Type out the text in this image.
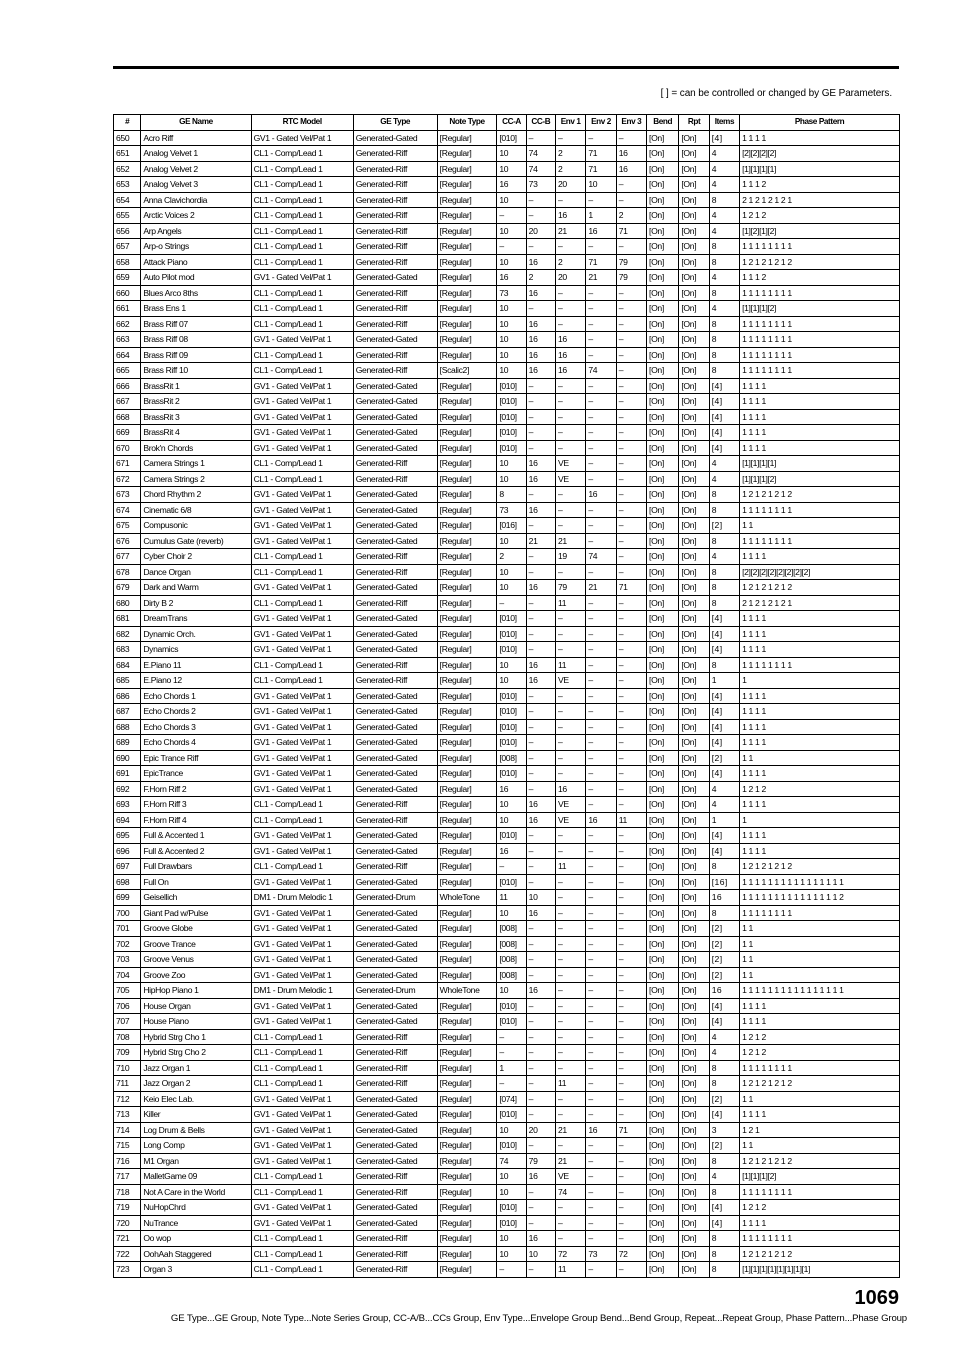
[ ] = can be controlled or changed by GE Parameters.
#	GE Name	RTC Model	GE Type	Note Type	CC-A	CC-B	Env 1	Env 2	Env 3	Bend	Rpt	Items	Phase Pattern
650	Acro Riff	GV1 - Gated Vel/Pat 1	Generated-Gated	[Regular]	[010]	–	–	–	–	[On]	[On]	[4]	1 1 1 1
651	Analog Velvet 1	CL1 - Comp/Lead 1	Generated-Riff	[Regular]	10	74	2	71	16	[On]	[On]	4	[2][2][2][2]
652	Analog Velvet 2	CL1 - Comp/Lead 1	Generated-Riff	[Regular]	10	74	2	71	16	[On]	[On]	4	[1][1][1][1]
653	Analog Velvet 3	CL1 - Comp/Lead 1	Generated-Riff	[Regular]	16	73	20	10	–	[On]	[On]	4	1 1 1 2
654	Anna Clavichordia	CL1 - Comp/Lead 1	Generated-Riff	[Regular]	10	–	–	–	–	[On]	[On]	8	2 1 2 1 2 1 2 1
655	Arctic Voices 2	CL1 - Comp/Lead 1	Generated-Riff	[Regular]	–	–	16	1	2	[On]	[On]	4	1 2 1 2
656	Arp Angels	CL1 - Comp/Lead 1	Generated-Riff	[Regular]	10	20	21	16	71	[On]	[On]	4	[1][2][1][2]
657	Arp-o Strings	CL1 - Comp/Lead 1	Generated-Riff	[Regular]	–	–	–	–	–	[On]	[On]	8	1 1 1 1 1 1 1 1
658	Attack Piano	CL1 - Comp/Lead 1	Generated-Riff	[Regular]	10	16	2	71	79	[On]	[On]	8	1 2 1 2 1 2 1 2
659	Auto Pilot mod	GV1 - Gated Vel/Pat 1	Generated-Gated	[Regular]	16	2	20	21	79	[On]	[On]	4	1 1 1 2
660	Blues Arco 8ths	CL1 - Comp/Lead 1	Generated-Riff	[Regular]	73	16	–	–	–	[On]	[On]	8	1 1 1 1 1 1 1 1
661	Brass Ens 1	CL1 - Comp/Lead 1	Generated-Riff	[Regular]	10	–	–	–	–	[On]	[On]	4	[1][1][1][2]
662	Brass Riff 07	CL1 - Comp/Lead 1	Generated-Riff	[Regular]	10	16	–	–	–	[On]	[On]	8	1 1 1 1 1 1 1 1
663	Brass Riff 08	GV1 - Gated Vel/Pat 1	Generated-Gated	[Regular]	10	16	16	–	–	[On]	[On]	8	1 1 1 1 1 1 1 1
664	Brass Riff 09	CL1 - Comp/Lead 1	Generated-Riff	[Regular]	10	16	16	–	–	[On]	[On]	8	1 1 1 1 1 1 1 1
665	Brass Riff 10	CL1 - Comp/Lead 1	Generated-Riff	[Scalic2]	10	16	16	74	–	[On]	[On]	8	1 1 1 1 1 1 1 1
666	BrassRit 1	GV1 - Gated Vel/Pat 1	Generated-Gated	[Regular]	[010]	–	–	–	–	[On]	[On]	[4]	1 1 1 1
667	BrassRit 2	GV1 - Gated Vel/Pat 1	Generated-Gated	[Regular]	[010]	–	–	–	–	[On]	[On]	[4]	1 1 1 1
668	BrassRit 3	GV1 - Gated Vel/Pat 1	Generated-Gated	[Regular]	[010]	–	–	–	–	[On]	[On]	[4]	1 1 1 1
669	BrassRit 4	GV1 - Gated Vel/Pat 1	Generated-Gated	[Regular]	[010]	–	–	–	–	[On]	[On]	[4]	1 1 1 1
670	Brok'n Chords	GV1 - Gated Vel/Pat 1	Generated-Gated	[Regular]	[010]	–	–	–	–	[On]	[On]	[4]	1 1 1 1
671	Camera Strings 1	CL1 - Comp/Lead 1	Generated-Riff	[Regular]	10	16	VE	–	–	[On]	[On]	4	[1][1][1][1]
672	Camera Strings 2	CL1 - Comp/Lead 1	Generated-Riff	[Regular]	10	16	VE	–	–	[On]	[On]	4	[1][1][1][2]
673	Chord Rhythm 2	GV1 - Gated Vel/Pat 1	Generated-Gated	[Regular]	8	–	–	16	–	[On]	[On]	8	1 2 1 2 1 2 1 2
674	Cinematic 6/8	GV1 - Gated Vel/Pat 1	Generated-Gated	[Regular]	73	16	–	–	–	[On]	[On]	8	1 1 1 1 1 1 1 1
675	Compusonic	GV1 - Gated Vel/Pat 1	Generated-Gated	[Regular]	[016]	–	–	–	–	[On]	[On]	[2]	1 1
676	Cumulus Gate (reverb)	GV1 - Gated Vel/Pat 1	Generated-Gated	[Regular]	10	21	21	–	–	[On]	[On]	8	1 1 1 1 1 1 1 1
677	Cyber Choir 2	CL1 - Comp/Lead 1	Generated-Riff	[Regular]	2	–	19	74	–	[On]	[On]	4	1 1 1 1
678	Dance Organ	CL1 - Comp/Lead 1	Generated-Riff	[Regular]	10	–	–	–	–	[On]	[On]	8	[2][2][2][2][2][2][2][2]
679	Dark and Warm	GV1 - Gated Vel/Pat 1	Generated-Gated	[Regular]	10	16	79	21	71	[On]	[On]	8	1 2 1 2 1 2 1 2
680	Dirty B 2	CL1 - Comp/Lead 1	Generated-Riff	[Regular]	–	–	11	–	–	[On]	[On]	8	2 1 2 1 2 1 2 1
681	DreamTrans	GV1 - Gated Vel/Pat 1	Generated-Gated	[Regular]	[010]	–	–	–	–	[On]	[On]	[4]	1 1 1 1
682	Dynamic Orch.	GV1 - Gated Vel/Pat 1	Generated-Gated	[Regular]	[010]	–	–	–	–	[On]	[On]	[4]	1 1 1 1
683	Dynamics	GV1 - Gated Vel/Pat 1	Generated-Gated	[Regular]	[010]	–	–	–	–	[On]	[On]	[4]	1 1 1 1
684	E.Piano 11	CL1 - Comp/Lead 1	Generated-Riff	[Regular]	10	16	11	–	–	[On]	[On]	8	1 1 1 1 1 1 1 1
685	E.Piano 12	CL1 - Comp/Lead 1	Generated-Riff	[Regular]	10	16	VE	–	–	[On]	[On]	1	1
686	Echo Chords 1	GV1 - Gated Vel/Pat 1	Generated-Gated	[Regular]	[010]	–	–	–	–	[On]	[On]	[4]	1 1 1 1
687	Echo Chords 2	GV1 - Gated Vel/Pat 1	Generated-Gated	[Regular]	[010]	–	–	–	–	[On]	[On]	[4]	1 1 1 1
688	Echo Chords 3	GV1 - Gated Vel/Pat 1	Generated-Gated	[Regular]	[010]	–	–	–	–	[On]	[On]	[4]	1 1 1 1
689	Echo Chords 4	GV1 - Gated Vel/Pat 1	Generated-Gated	[Regular]	[010]	–	–	–	–	[On]	[On]	[4]	1 1 1 1
690	Epic Trance Riff	GV1 - Gated Vel/Pat 1	Generated-Gated	[Regular]	[008]	–	–	–	–	[On]	[On]	[2]	1 1
691	EpicTrance	GV1 - Gated Vel/Pat 1	Generated-Gated	[Regular]	[010]	–	–	–	–	[On]	[On]	[4]	1 1 1 1
692	F.Horn Riff 2	GV1 - Gated Vel/Pat 1	Generated-Gated	[Regular]	16	–	16	–	–	[On]	[On]	4	1 2 1 2
693	F.Horn Riff 3	CL1 - Comp/Lead 1	Generated-Riff	[Regular]	10	16	VE	–	–	[On]	[On]	4	1 1 1 1
694	F.Horn Riff 4	CL1 - Comp/Lead 1	Generated-Riff	[Regular]	10	16	VE	16	11	[On]	[On]	1	1
695	Full & Accented 1	GV1 - Gated Vel/Pat 1	Generated-Gated	[Regular]	[010]	–	–	–	–	[On]	[On]	[4]	1 1 1 1
696	Full & Accented 2	GV1 - Gated Vel/Pat 1	Generated-Gated	[Regular]	16	–	–	–	–	[On]	[On]	[4]	1 1 1 1
697	Full Drawbars	CL1 - Comp/Lead 1	Generated-Riff	[Regular]	–	–	11	–	–	[On]	[On]	8	1 2 1 2 1 2 1 2
698	Full On	GV1 - Gated Vel/Pat 1	Generated-Gated	[Regular]	[010]	–	–	–	–	[On]	[On]	[16]	1 1 1 1 1 1 1 1 1 1 1 1 1 1 1 1
699	Geisellich	DM1 - Drum Melodic 1	Generated-Drum	WholeTone	11	10	–	–	–	[On]	[On]	16	1 1 1 1 1 1 1 1 1 1 1 1 1 1 1 2
700	Giant Pad w/Pulse	GV1 - Gated Vel/Pat 1	Generated-Gated	[Regular]	10	16	–	–	–	[On]	[On]	8	1 1 1 1 1 1 1 1
701	Groove Globe	GV1 - Gated Vel/Pat 1	Generated-Gated	[Regular]	[008]	–	–	–	–	[On]	[On]	[2]	1 1
702	Groove Trance	GV1 - Gated Vel/Pat 1	Generated-Gated	[Regular]	[008]	–	–	–	–	[On]	[On]	[2]	1 1
703	Groove Venus	GV1 - Gated Vel/Pat 1	Generated-Gated	[Regular]	[008]	–	–	–	–	[On]	[On]	[2]	1 1
704	Groove Zoo	GV1 - Gated Vel/Pat 1	Generated-Gated	[Regular]	[008]	–	–	–	–	[On]	[On]	[2]	1 1
705	HipHop Piano 1	DM1 - Drum Melodic 1	Generated-Drum	WholeTone	10	16	–	–	–	[On]	[On]	16	1 1 1 1 1 1 1 1 1 1 1 1 1 1 1 1
706	House Organ	GV1 - Gated Vel/Pat 1	Generated-Gated	[Regular]	[010]	–	–	–	–	[On]	[On]	[4]	1 1 1 1
707	House Piano	GV1 - Gated Vel/Pat 1	Generated-Gated	[Regular]	[010]	–	–	–	–	[On]	[On]	[4]	1 1 1 1
708	Hybrid Strg Cho 1	CL1 - Comp/Lead 1	Generated-Riff	[Regular]	–	–	–	–	–	[On]	[On]	4	1 2 1 2
709	Hybrid Strg Cho 2	CL1 - Comp/Lead 1	Generated-Riff	[Regular]	–	–	–	–	–	[On]	[On]	4	1 2 1 2
710	Jazz Organ 1	CL1 - Comp/Lead 1	Generated-Riff	[Regular]	1	–	–	–	–	[On]	[On]	8	1 1 1 1 1 1 1 1
711	Jazz Organ 2	CL1 - Comp/Lead 1	Generated-Riff	[Regular]	–	–	11	–	–	[On]	[On]	8	1 2 1 2 1 2 1 2
712	Keio Elec Lab.	GV1 - Gated Vel/Pat 1	Generated-Gated	[Regular]	[074]	–	–	–	–	[On]	[On]	[2]	1 1
713	Killer	GV1 - Gated Vel/Pat 1	Generated-Gated	[Regular]	[010]	–	–	–	–	[On]	[On]	[4]	1 1 1 1
714	Log Drum & Bells	GV1 - Gated Vel/Pat 1	Generated-Gated	[Regular]	10	20	21	16	71	[On]	[On]	3	1 2 1
715	Long Comp	GV1 - Gated Vel/Pat 1	Generated-Gated	[Regular]	[010]	–	–	–	–	[On]	[On]	[2]	1 1
716	M1 Organ	GV1 - Gated Vel/Pat 1	Generated-Gated	[Regular]	74	79	21	–	–	[On]	[On]	8	1 2 1 2 1 2 1 2
717	MalletGame 09	CL1 - Comp/Lead 1	Generated-Riff	[Regular]	10	16	VE	–	–	[On]	[On]	4	[1][1][1][2]
718	Not A Care in the World	CL1 - Comp/Lead 1	Generated-Riff	[Regular]	10	–	74	–	–	[On]	[On]	8	1 1 1 1 1 1 1 1
719	NuHopChrd	GV1 - Gated Vel/Pat 1	Generated-Gated	[Regular]	[010]	–	–	–	–	[On]	[On]	[4]	1 2 1 2
720	NuTrance	GV1 - Gated Vel/Pat 1	Generated-Gated	[Regular]	[010]	–	–	–	–	[On]	[On]	[4]	1 1 1 1
721	Oo wop	CL1 - Comp/Lead 1	Generated-Riff	[Regular]	10	16	–	–	–	[On]	[On]	8	1 1 1 1 1 1 1 1
722	OohAah Staggered	CL1 - Comp/Lead 1	Generated-Riff	[Regular]	10	10	72	73	72	[On]	[On]	8	1 2 1 2 1 2 1 2
723	Organ 3	CL1 - Comp/Lead 1	Generated-Riff	[Regular]	–	–	11	–	–	[On]	[On]	8	[1][1][1][1][1][1][1][1]
1069
GE Type...GE Group, Note Type...Note Series Group, CC-A/B...CCs Group, Env Type...Envelope Group Bend...Bend Group, Repeat...Repeat Group, Phase Pattern...Phase Group
